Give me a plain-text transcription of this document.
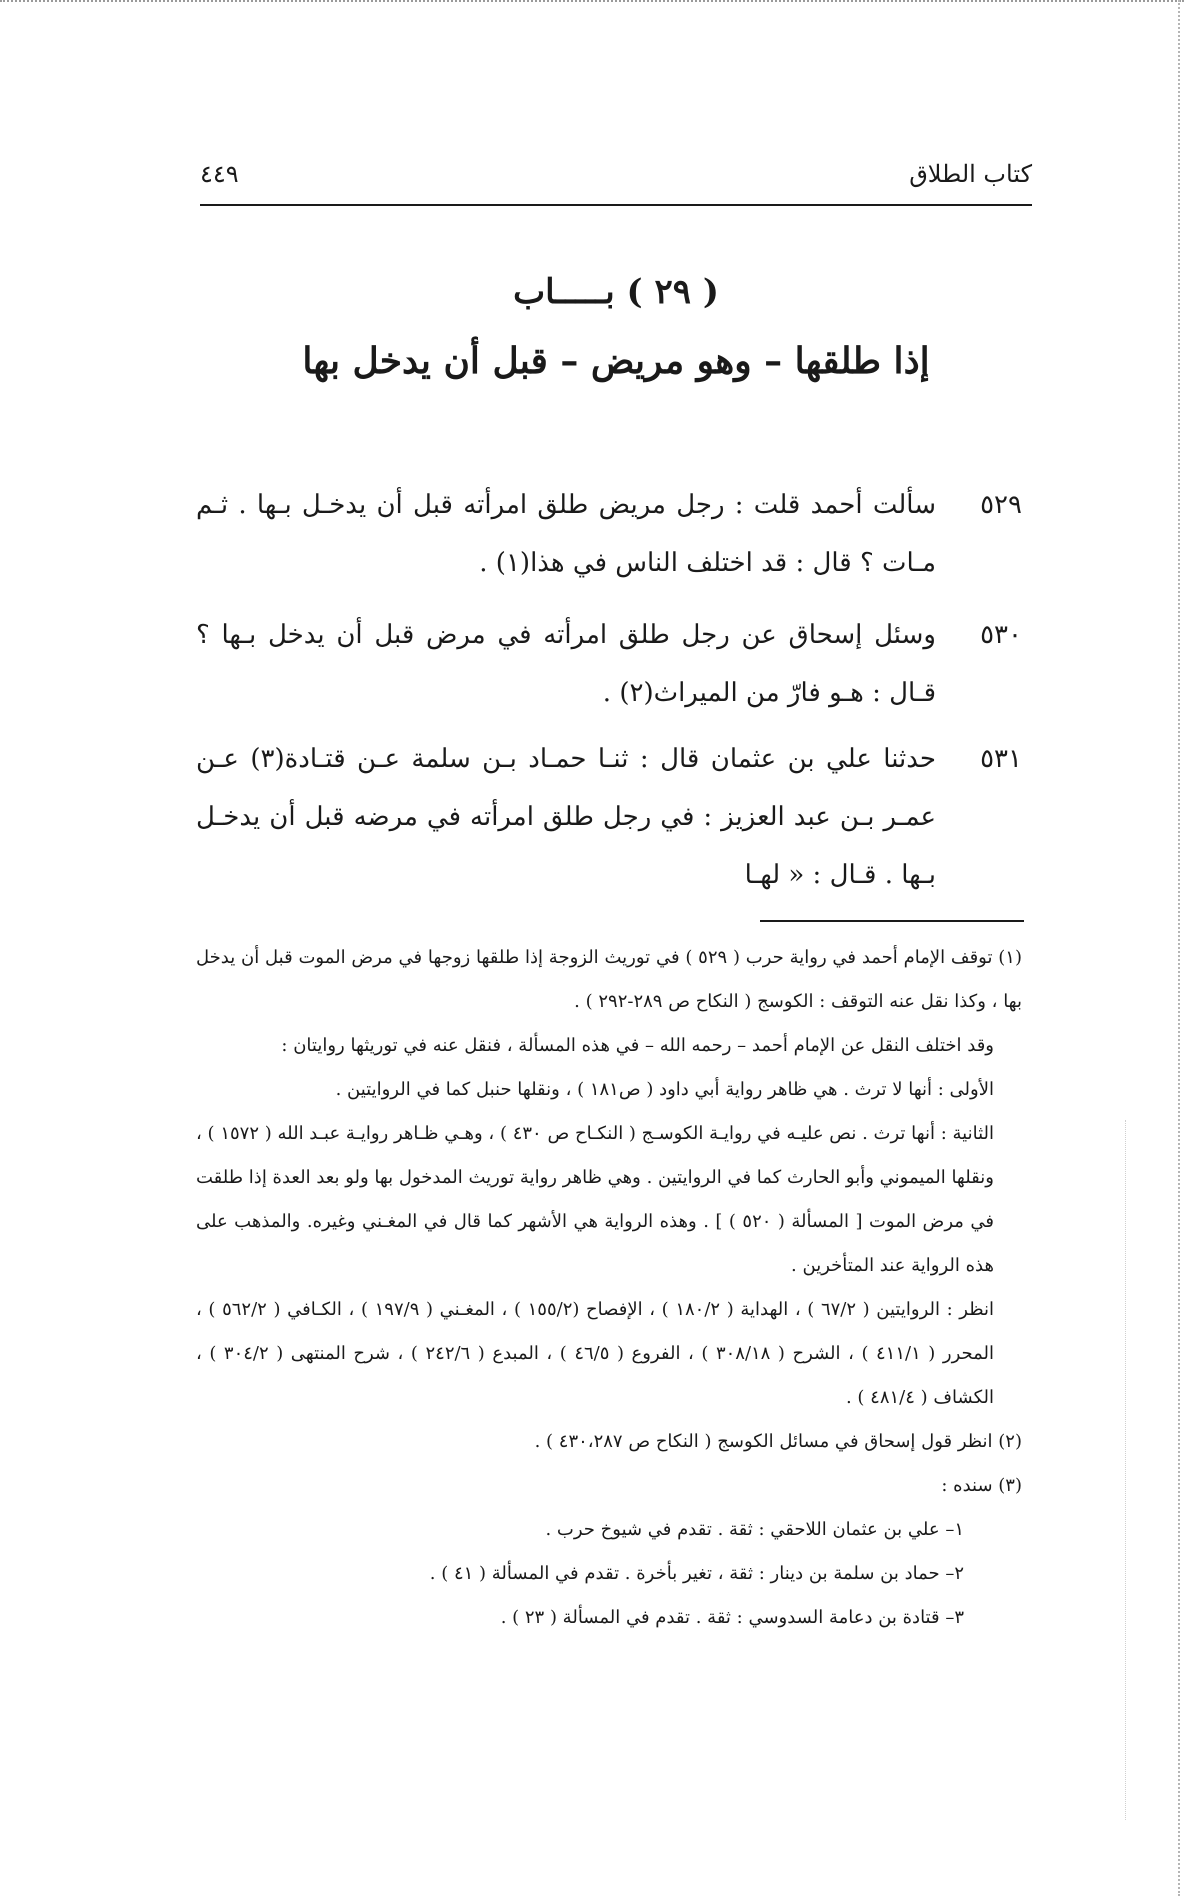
كتاب الطلاق
٤٤٩
( ٢٩ ) بـــــاب
إذا طلقها – وهو مريض – قبل أن يدخل بها
٥٢٩
سألت أحمد قلت : رجل مريض طلق امرأته قبل أن يدخـل بـها . ثـم مـات ؟ قال : قد اختلف الناس في هذا(١) .
٥٣٠
وسئل إسحاق عن رجل طلق امرأته في مرض قبل أن يدخل بـها ؟ قـال : هـو فارّ من الميراث(٢) .
٥٣١
حدثنا علي بن عثمان قال : ثنـا حمـاد بـن سلمة عـن قتـادة(٣) عـن عمـر بـن عبد العزيز : في رجل طلق امرأته في مرضه قبل أن يدخـل بـها . قـال : « لهـا

(١) توقف الإمام أحمد في رواية حرب ( ٥٢٩ ) في توريث الزوجة إذا طلقها زوجها في مرض الموت قبل أن يدخل بها ، وكذا نقل عنه التوقف : الكوسج ( النكاح ص ٢٨٩-٢٩٢ ) .

وقد اختلف النقل عن الإمام أحمد – رحمه الله – في هذه المسألة ، فنقل عنه في توريثها روايتان :

الأولى : أنها لا ترث . هي ظاهر رواية أبي داود ( ص١٨١ ) ، ونقلها حنبل كما في الروايتين .

الثانية : أنها ترث . نص عليـه في روايـة الكوسـج ( النكـاح ص ٤٣٠ ) ، وهـي ظـاهر روايـة عبـد الله ( ١٥٧٢ ) ، ونقلها الميموني وأبو الحارث كما في الروايتين . وهي ظاهر رواية توريث المدخول بها ولو بعد العدة إذا طلقت في مرض الموت [ المسألة ( ٥٢٠ ) ] . وهذه الرواية هي الأشهر كما قال في المغـني وغيره. والمذهب على هذه الرواية عند المتأخرين .

انظر : الروايتين ( ٦٧/٢ ) ، الهداية ( ١٨٠/٢ ) ، الإفصاح (١٥٥/٢ ) ، المغـني ( ١٩٧/٩ ) ، الكـافي ( ٥٦٢/٢ ) ، المحرر ( ٤١١/١ ) ، الشرح ( ٣٠٨/١٨ ) ، الفروع ( ٤٦/٥ ) ، المبدع ( ٢٤٢/٦ ) ، شرح المنتهى ( ٣٠٤/٢ ) ، الكشاف ( ٤٨١/٤ ) .

(٢) انظر قول إسحاق في مسائل الكوسج ( النكاح ص ٤٣٠،٢٨٧ ) .

(٣) سنده :

١– علي بن عثمان اللاحقي : ثقة . تقدم في شيوخ حرب .

٢– حماد بن سلمة بن دينار : ثقة ، تغير بأخرة . تقدم في المسألة ( ٤١ ) .

٣– قتادة بن دعامة السدوسي : ثقة . تقدم في المسألة ( ٢٣ ) .
